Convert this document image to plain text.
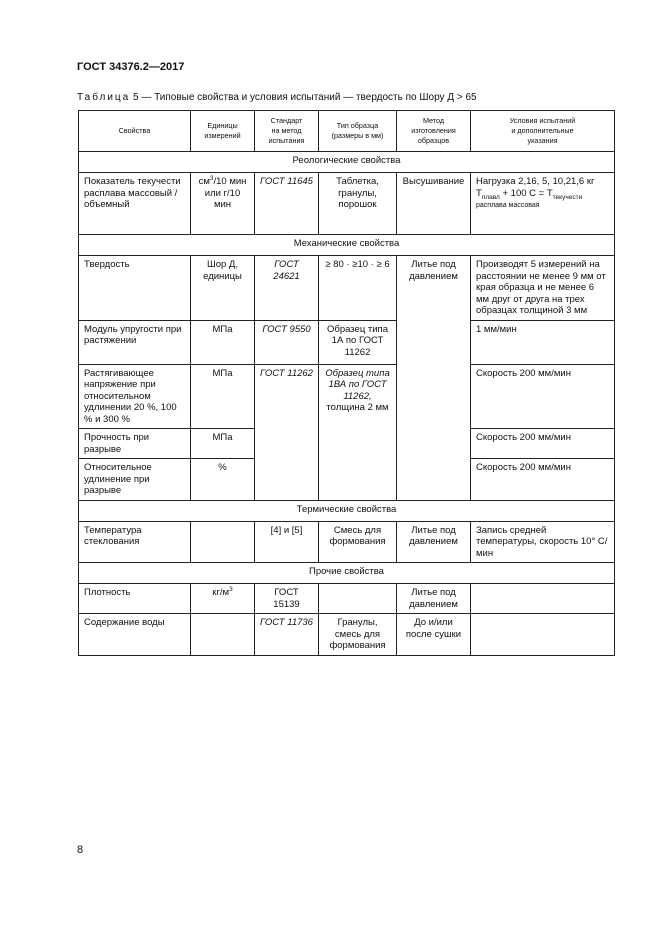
ГОСТ 34376.2—2017
Таблица 5 — Типовые свойства и условия испытаний — твердость по Шору Д > 65
Свойства	Единицы
измерений	Стандарт
на метод
испытания	Тип образца
(размеры в мм)	Метод
изготовления
образцов	Условия испытаний
и дополнительные
указания
Реологические свойства					
Показатель текучести расплава массовый /объемный	$см^3/10$ мин или г/10 мин	ГОСТ 11645	Таблетка, гранулы, порошок	Высушивание	Нагрузка 2,16, 5, 10,21,6 кг
$T_{плавл} + 100$ $С = T_{текучести}$
расплава массовая
Механические свойства					
Твердость	Шор Д, единицы	ГОСТ 24621	≥ 80 · ≥10 · ≥ 6	Литье под давлением	Производят 5 измерений на расстоянии не менее 9 мм от края образца и не менее 6 мм друг от друга на трех образцах толщиной 3 мм
Модуль упругости при растяжении	МПа	ГОСТ 9550	Образец типа 1А по ГОСТ 11262		1 мм/мин
Растягивающее напряжение при относительном удлинении 20 %, 100 % и 300 %	МПа	ГОСТ 11262	Образец типа 1ВА по ГОСТ 11262,
толщина 2 мм		Скорость 200 мм/мин
Прочность при разрыве	МПа				Скорость 200 мм/мин
Относительное удлинение при разрыве	%				Скорость 200 мм/мин
Термические свойства					
Температура стеклования		[4] и [5]	Смесь для формования	Литье под давлением	Запись средней температуры, скорость 10° С/мин
Прочие свойства					
Плотность	$кг/м^3$	ГОСТ 15139		Литье под давлением	
Содержание воды		ГОСТ 11736	Гранулы, смесь для формования	До и/или после сушки	
8
